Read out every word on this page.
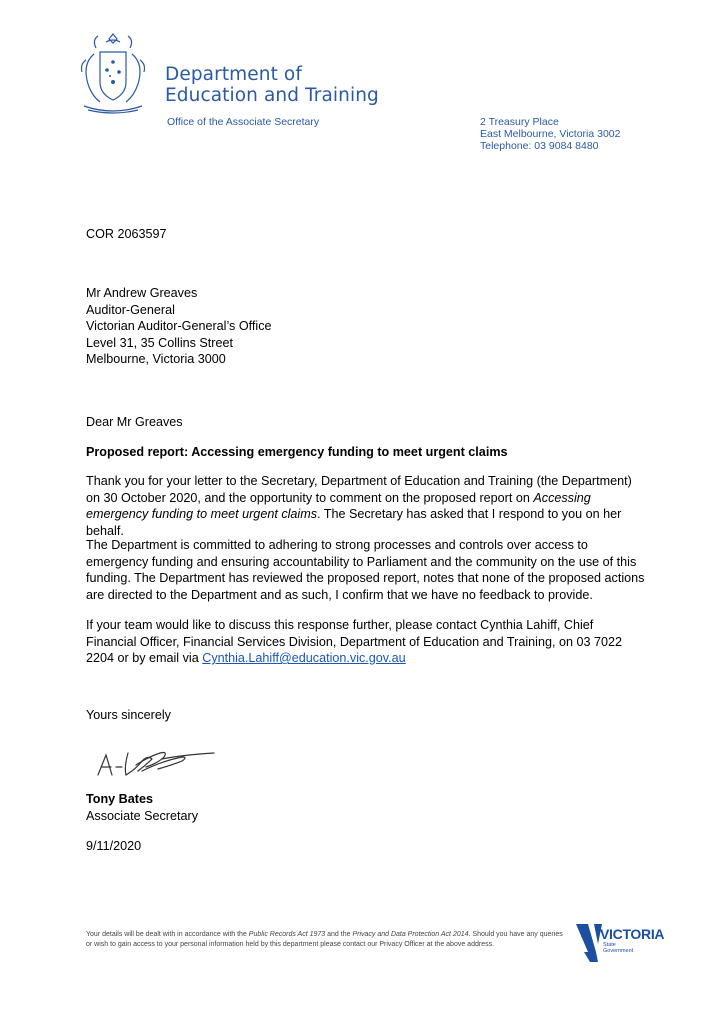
Department of
Education and Training
Office of the Associate Secretary	2 Treasury Place
East Melbourne, Victoria 3002
Telephone: 03 9084 8480
COR 2063597
Mr Andrew Greaves
Auditor-General
Victorian Auditor-General’s Office
Level 31, 35 Collins Street
Melbourne, Victoria 3000
Dear Mr Greaves
Proposed report: Accessing emergency funding to meet urgent claims
Thank you for your letter to the Secretary, Department of Education and Training (the Department) on 30 October 2020, and the opportunity to comment on the proposed report on Accessing emergency funding to meet urgent claims. The Secretary has asked that I respond to you on her behalf.
The Department is committed to adhering to strong processes and controls over access to emergency funding and ensuring accountability to Parliament and the community on the use of this funding. The Department has reviewed the proposed report, notes that none of the proposed actions are directed to the Department and as such, I confirm that we have no feedback to provide.
If your team would like to discuss this response further, please contact Cynthia Lahiff, Chief Financial Officer, Financial Services Division, Department of Education and Training, on 03 7022 2204 or by email via Cynthia.Lahiff@education.vic.gov.au
Yours sincerely
Tony Bates
Associate Secretary
9/11/2020
Your details will be dealt with in accordance with the Public Records Act 1973 and the Privacy and Data Protection Act 2014. Should you have any queries or wish to gain access to your personal information held by this department please contact our Privacy Officer at the above address.
VICTORIA
State
Government
